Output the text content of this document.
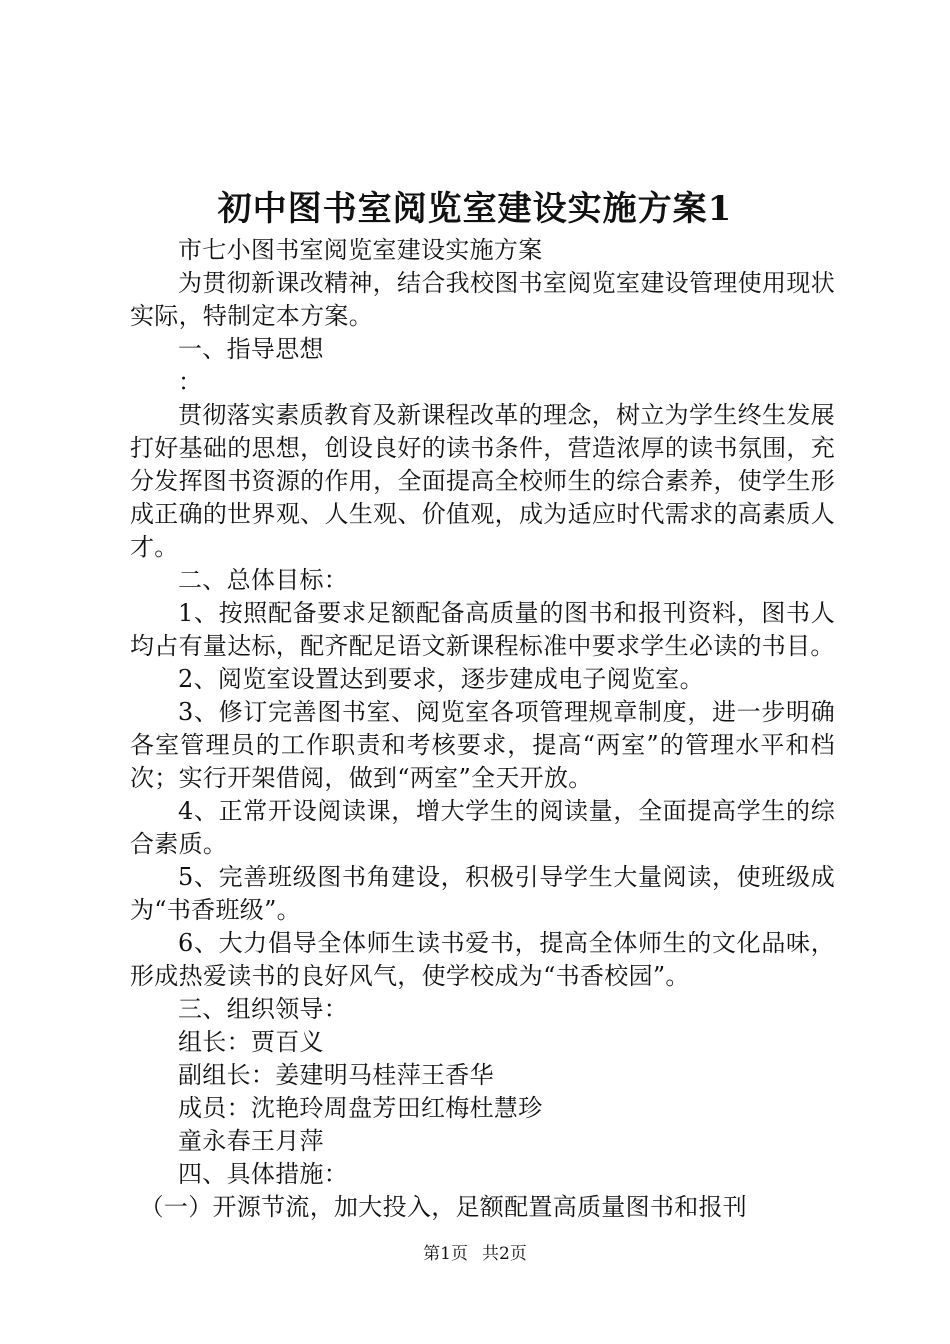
初中图书室阅览室建设实施方案1

市七小图书室阅览室建设实施方案

为贯彻新课改精神，结合我校图书室阅览室建设管理使用现状实际，特制定本方案。

一、指导思想

：

贯彻落实素质教育及新课程改革的理念，树立为学生终生发展打好基础的思想，创设良好的读书条件，营造浓厚的读书氛围，充分发挥图书资源的作用，全面提高全校师生的综合素养，使学生形成正确的世界观、人生观、价值观，成为适应时代需求的高素质人才。

二、总体目标：

1、按照配备要求足额配备高质量的图书和报刊资料，图书人均占有量达标，配齐配足语文新课程标准中要求学生必读的书目。

2、阅览室设置达到要求，逐步建成电子阅览室。

3、修订完善图书室、阅览室各项管理规章制度，进一步明确各室管理员的工作职责和考核要求，提高“两室”的管理水平和档次；实行开架借阅，做到“两室”全天开放。

4、正常开设阅读课，增大学生的阅读量，全面提高学生的综合素质。

5、完善班级图书角建设，积极引导学生大量阅读，使班级成为“书香班级”。

6、大力倡导全体师生读书爱书，提高全体师生的文化品味，形成热爱读书的良好风气，使学校成为“书香校园”。

三、组织领导：

组长：贾百义

副组长：姜建明马桂萍王香华

成员：沈艳玲周盘芳田红梅杜慧珍

童永春王月萍

四、具体措施：

（一）开源节流，加大投入，足额配置高质量图书和报刊

第1页 共2页
